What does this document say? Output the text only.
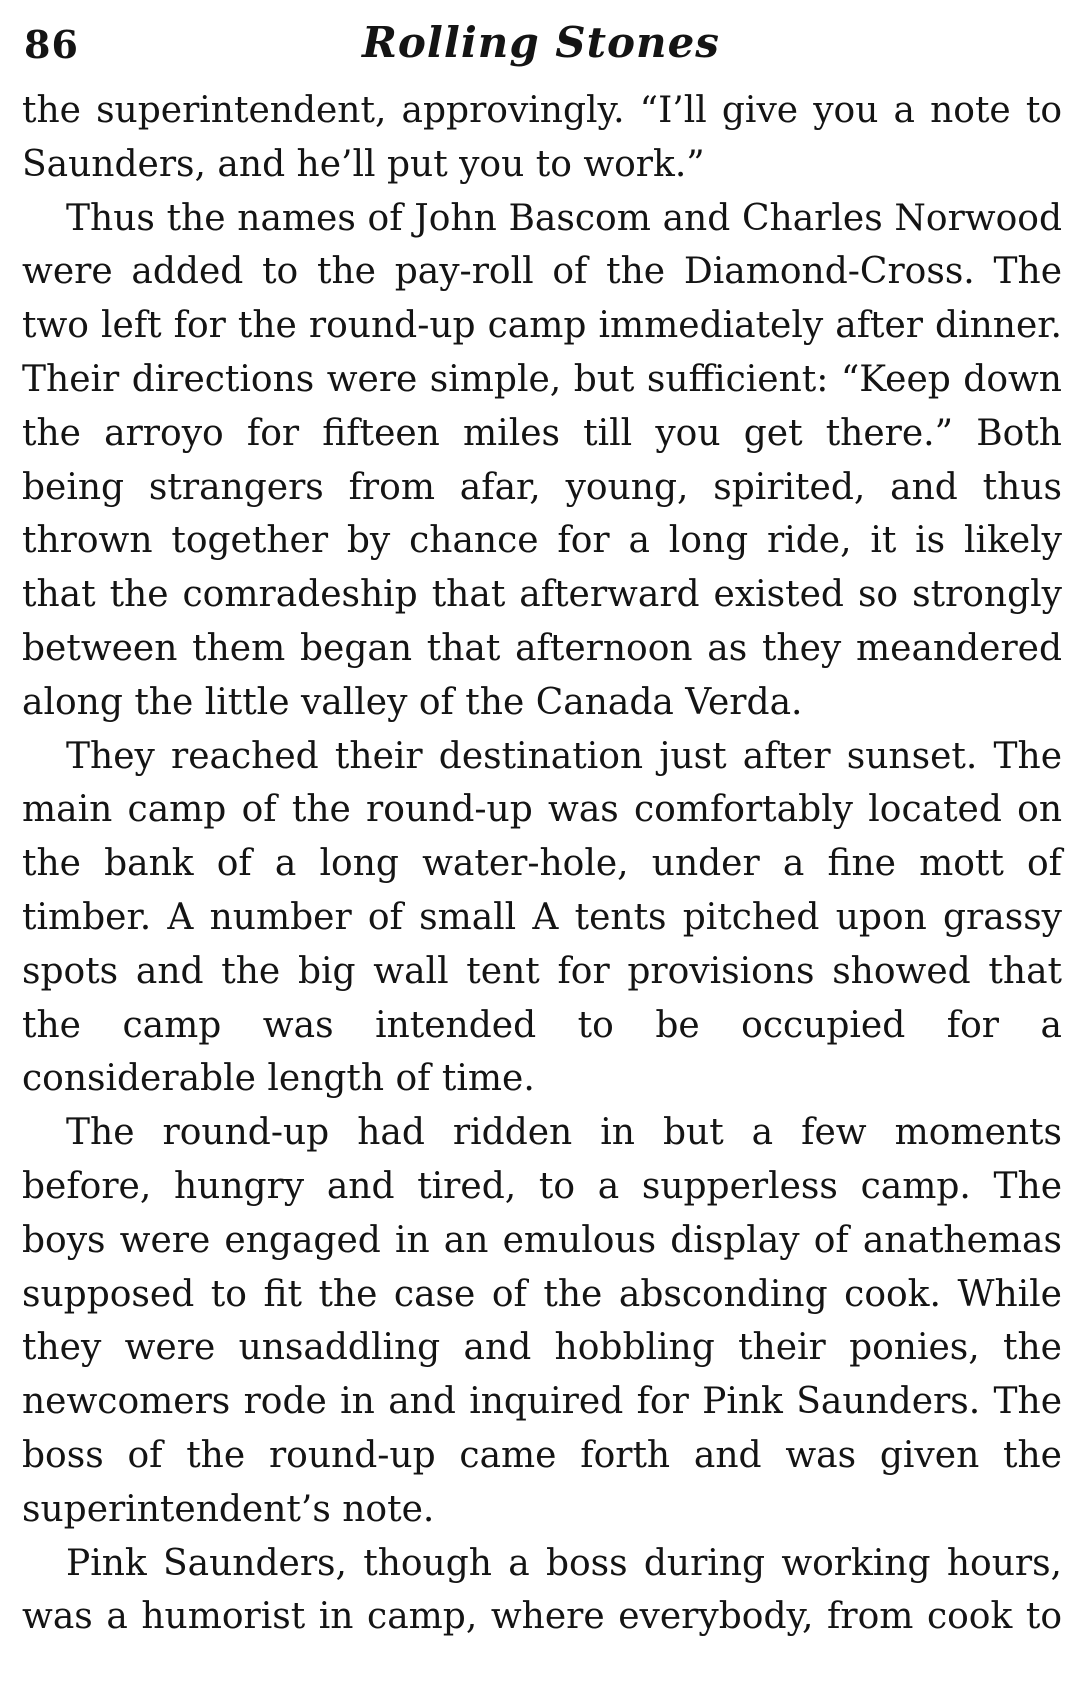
86	Rolling Stones

the superintendent, approvingly. “I’ll give you a note to Saunders, and he’ll put you to work.”

Thus the names of John Bascom and Charles Norwood were added to the pay-roll of the Diamond-Cross. The two left for the round-up camp immediately after dinner. Their directions were simple, but sufficient: “Keep down the arroyo for fifteen miles till you get there.” Both being strangers from afar, young, spirited, and thus thrown together by chance for a long ride, it is likely that the comradeship that afterward existed so strongly between them began that afternoon as they meandered along the little valley of the Canada Verda.

They reached their destination just after sunset. The main camp of the round-up was comfortably located on the bank of a long water-hole, under a fine mott of timber. A number of small A tents pitched upon grassy spots and the big wall tent for provisions showed that the camp was intended to be occupied for a considerable length of time.

The round-up had ridden in but a few moments before, hungry and tired, to a supperless camp. The boys were engaged in an emulous display of anathemas supposed to fit the case of the absconding cook. While they were unsaddling and hobbling their ponies, the newcomers rode in and inquired for Pink Saunders. The boss of the round-up came forth and was given the superintendent’s note.

Pink Saunders, though a boss during working hours, was a humorist in camp, where everybody, from cook to
